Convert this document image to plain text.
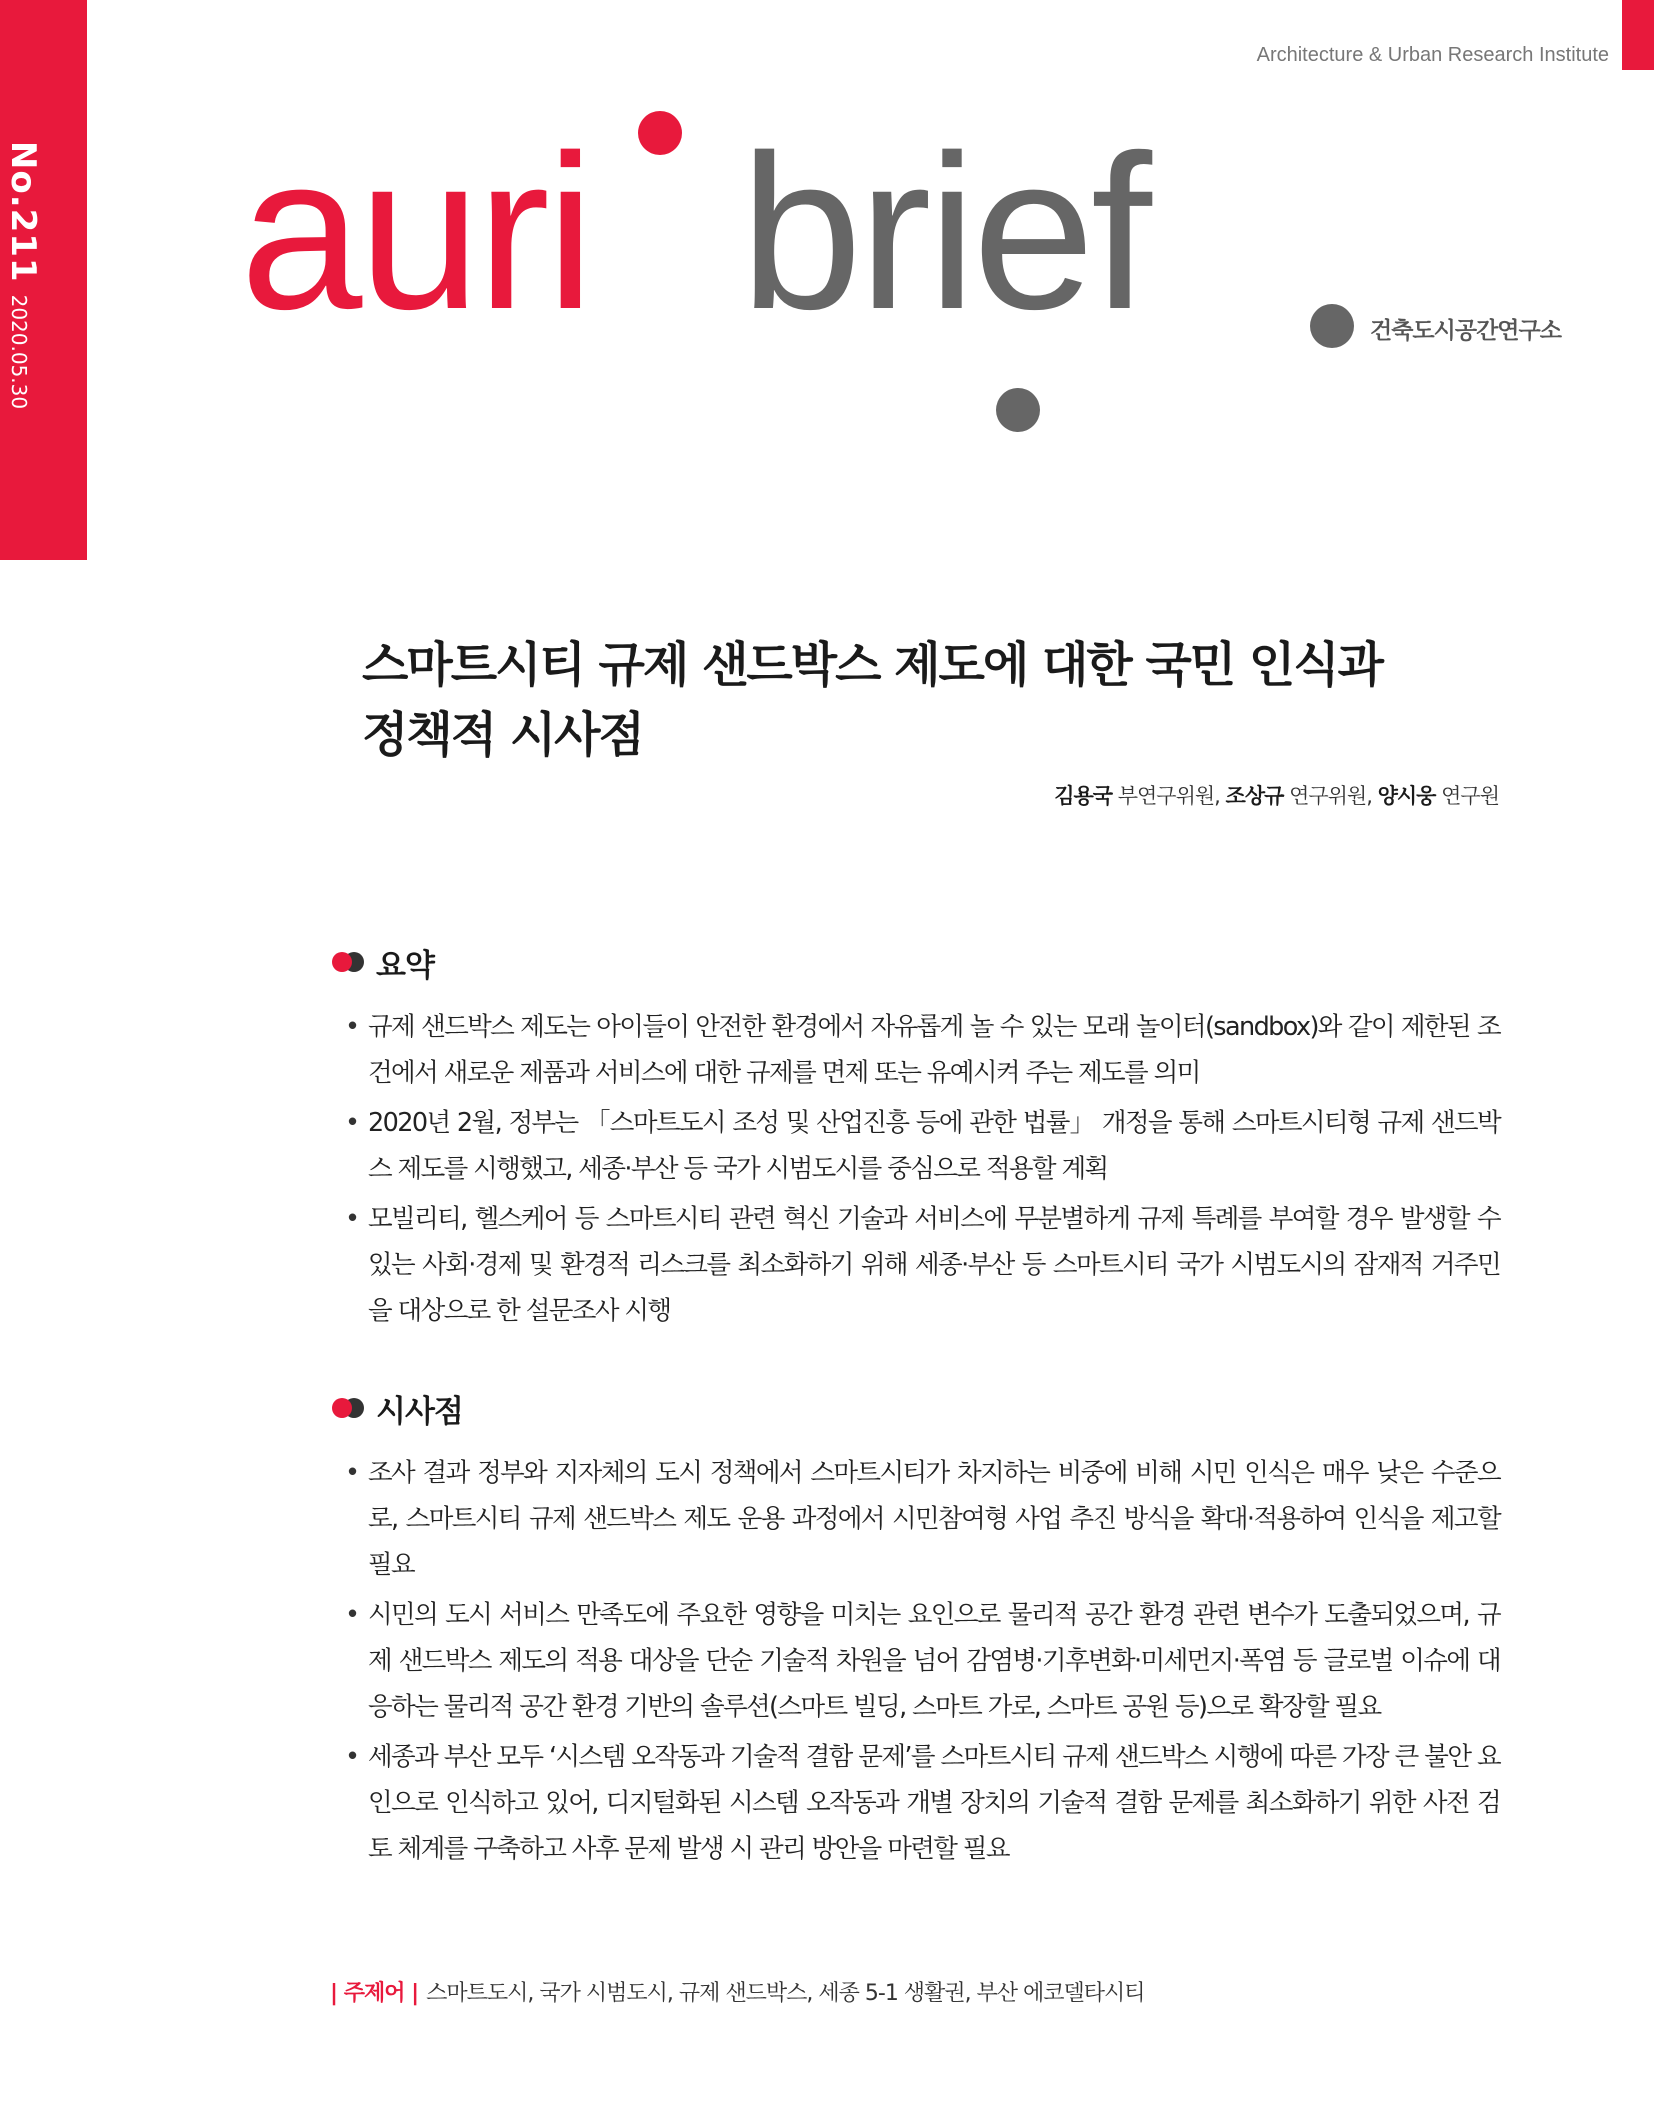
No.2112020.05.30
Architecture & Urban Research Institute
auri brief	건축도시공간연구소
스마트시티 규제 샌드박스 제도에 대한 국민 인식과
정책적 시사점
김용국 부연구위원, 조상규 연구위원, 양시웅 연구원
요약
• 규제 샌드박스 제도는 아이들이 안전한 환경에서 자유롭게 놀 수 있는 모래 놀이터(sandbox)와 같이 제한된 조건에서 새로운 제품과 서비스에 대한 규제를 면제 또는 유예시켜 주는 제도를 의미
• 2020년 2월, 정부는 「스마트도시 조성 및 산업진흥 등에 관한 법률」 개정을 통해 스마트시티형 규제 샌드박스 제도를 시행했고, 세종·부산 등 국가 시범도시를 중심으로 적용할 계획
• 모빌리티, 헬스케어 등 스마트시티 관련 혁신 기술과 서비스에 무분별하게 규제 특례를 부여할 경우 발생할 수 있는 사회·경제 및 환경적 리스크를 최소화하기 위해 세종·부산 등 스마트시티 국가 시범도시의 잠재적 거주민을 대상으로 한 설문조사 시행
시사점
• 조사 결과 정부와 지자체의 도시 정책에서 스마트시티가 차지하는 비중에 비해 시민 인식은 매우 낮은 수준으로, 스마트시티 규제 샌드박스 제도 운용 과정에서 시민참여형 사업 추진 방식을 확대·적용하여 인식을 제고할 필요
• 시민의 도시 서비스 만족도에 주요한 영향을 미치는 요인으로 물리적 공간 환경 관련 변수가 도출되었으며, 규제 샌드박스 제도의 적용 대상을 단순 기술적 차원을 넘어 감염병·기후변화·미세먼지·폭염 등 글로벌 이슈에 대응하는 물리적 공간 환경 기반의 솔루션(스마트 빌딩, 스마트 가로, 스마트 공원 등)으로 확장할 필요
• 세종과 부산 모두 ‘시스템 오작동과 기술적 결함 문제’를 스마트시티 규제 샌드박스 시행에 따른 가장 큰 불안 요인으로 인식하고 있어, 디지털화된 시스템 오작동과 개별 장치의 기술적 결함 문제를 최소화하기 위한 사전 검토 체계를 구축하고 사후 문제 발생 시 관리 방안을 마련할 필요
| 주제어 | 스마트도시, 국가 시범도시, 규제 샌드박스, 세종 5-1 생활권, 부산 에코델타시티
